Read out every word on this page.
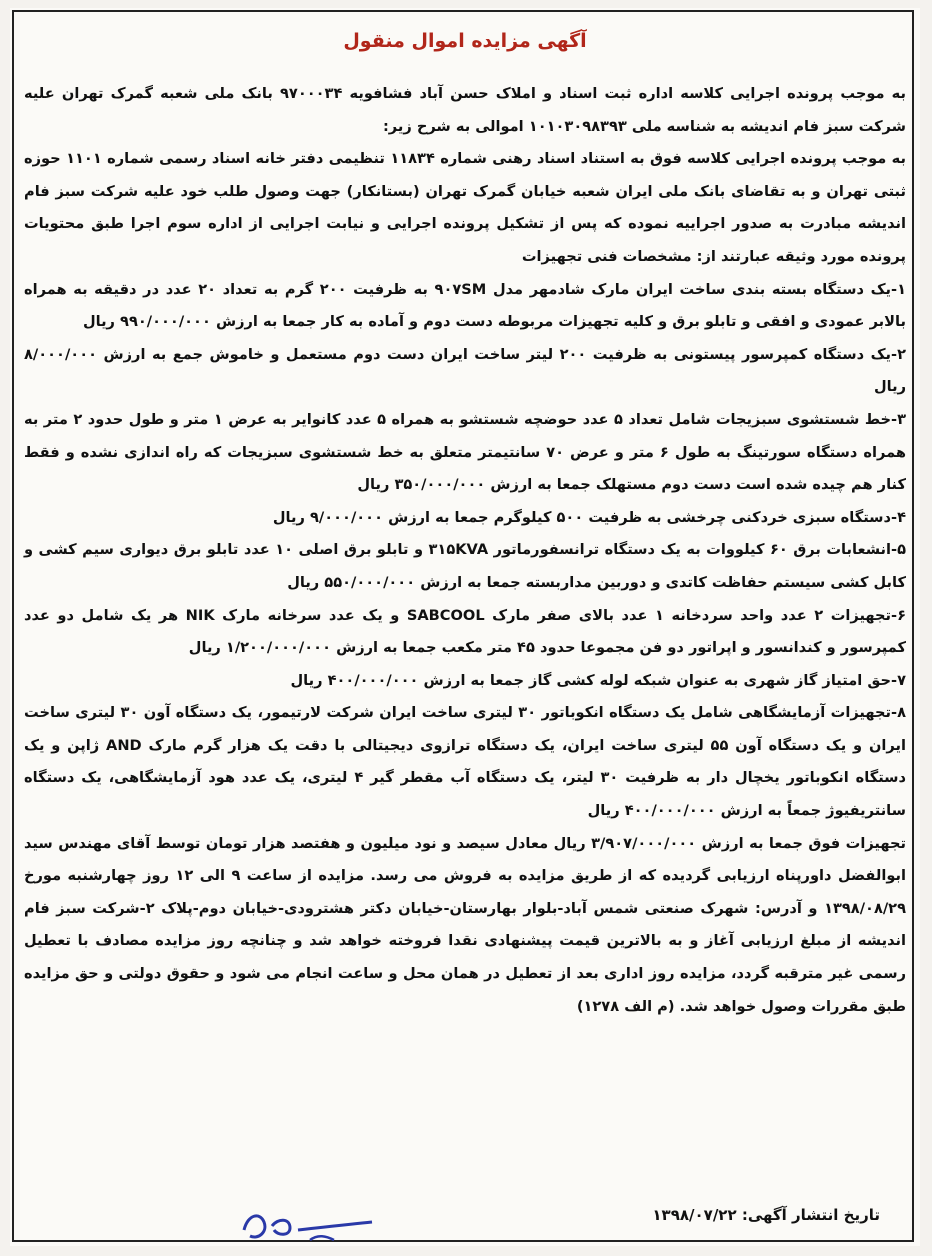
آگهی مزایده اموال منقول

به موجب پرونده اجرایی کلاسه اداره ثبت اسناد و املاک حسن آباد فشافویه ۹۷۰۰۰۳۴ بانک ملی شعبه گمرک تهران علیه شرکت سبز فام اندیشه به شناسه ملی ۱۰۱۰۳۰۹۸۳۹۳ اموالی به شرح زیر:

به موجب پرونده اجرایی کلاسه فوق به استناد اسناد رهنی شماره ۱۱۸۳۴ تنظیمی دفتر خانه اسناد رسمی شماره ۱۱۰۱ حوزه ثبتی تهران و به تقاضای بانک ملی ایران شعبه خیابان گمرک تهران (بستانکار) جهت وصول طلب خود علیه شرکت سبز فام اندیشه مبادرت به صدور اجراییه نموده که پس از تشکیل پرونده اجرایی و نیابت اجرایی از اداره سوم اجرا طبق محتویات پرونده مورد وثیقه عبارتند از: مشخصات فنی تجهیزات

۱-یک دستگاه بسته بندی ساخت ایران مارک شادمهر مدل ۹۰۷SM به ظرفیت ۲۰۰ گرم به تعداد ۲۰ عدد در دقیقه به همراه بالابر عمودی و افقی و تابلو برق و کلیه تجهیزات مربوطه دست دوم و آماده به کار جمعا به ارزش ۹۹۰/۰۰۰/۰۰۰ ریال

۲-یک دستگاه کمپرسور پیستونی به ظرفیت ۲۰۰ لیتر ساخت ایران دست دوم مستعمل و خاموش جمع به ارزش ۸/۰۰۰/۰۰۰ ریال

۳-خط شستشوی سبزیجات شامل تعداد ۵ عدد حوضچه شستشو به همراه ۵ عدد کانوایر به عرض ۱ متر و طول حدود ۲ متر به همراه دستگاه سورتینگ به طول ۶ متر و عرض ۷۰ سانتیمتر متعلق به خط شستشوی سبزیجات که راه اندازی نشده و فقط کنار هم چیده شده است دست دوم مستهلک جمعا به ارزش ۳۵۰/۰۰۰/۰۰۰ ریال

۴-دستگاه سبزی خردکنی چرخشی به ظرفیت ۵۰۰ کیلوگرم جمعا به ارزش ۹/۰۰۰/۰۰۰ ریال

۵-انشعابات برق ۶۰ کیلووات به یک دستگاه ترانسفورماتور ۳۱۵KVA و تابلو برق اصلی ۱۰ عدد تابلو برق دیواری سیم کشی و کابل کشی سیستم حفاظت کاتدی و دوربین مداربسته جمعا به ارزش ۵۵۰/۰۰۰/۰۰۰ ریال

۶-تجهیزات ۲ عدد واحد سردخانه ۱ عدد بالای صفر مارک SABCOOL و یک عدد سرخانه مارک NIK هر یک شامل دو عدد کمپرسور و کندانسور و اپراتور دو فن مجموعا حدود ۴۵ متر مکعب جمعا به ارزش ۱/۲۰۰/۰۰۰/۰۰۰ ریال

۷-حق امتیاز گاز شهری به عنوان شبکه لوله کشی گاز جمعا به ارزش ۴۰۰/۰۰۰/۰۰۰ ریال

۸-تجهیزات آزمایشگاهی شامل یک دستگاه انکوباتور ۳۰ لیتری ساخت ایران شرکت لارتیمور، یک دستگاه آون ۳۰ لیتری ساخت ایران و یک دستگاه آون ۵۵ لیتری ساخت ایران، یک دستگاه ترازوی دیجیتالی با دقت یک هزار گرم مارک AND ژاپن و یک دستگاه انکوباتور یخچال دار به ظرفیت ۳۰ لیتر، یک دستگاه آب مقطر گیر ۴ لیتری، یک عدد هود آزمایشگاهی، یک دستگاه سانتریفیوژ جمعاً به ارزش ۴۰۰/۰۰۰/۰۰۰ ریال

تجهیزات فوق جمعا به ارزش ۳/۹۰۷/۰۰۰/۰۰۰ ریال معادل سیصد و نود میلیون و هفتصد هزار تومان توسط آقای مهندس سید ابوالفضل داورپناه ارزیابی گردیده که از طریق مزایده به فروش می رسد. مزایده از ساعت ۹ الی ۱۲ روز چهارشنبه مورخ ۱۳۹۸/۰۸/۲۹ و آدرس: شهرک صنعتی شمس آباد-بلوار بهارستان-خیابان دکتر هشترودی-خیابان دوم-پلاک ۲-شرکت سبز فام اندیشه از مبلغ ارزیابی آغاز و به بالاترین قیمت پیشنهادی نقدا فروخته خواهد شد و چنانچه روز مزایده مصادف با تعطیل رسمی غیر مترقبه گردد، مزایده روز اداری بعد از تعطیل در همان محل و ساعت انجام می شود و حقوق دولتی و حق مزایده طبق مقررات وصول خواهد شد. (م الف ۱۲۷۸)

تاریخ انتشار آگهی: ۱۳۹۸/۰۷/۲۲
